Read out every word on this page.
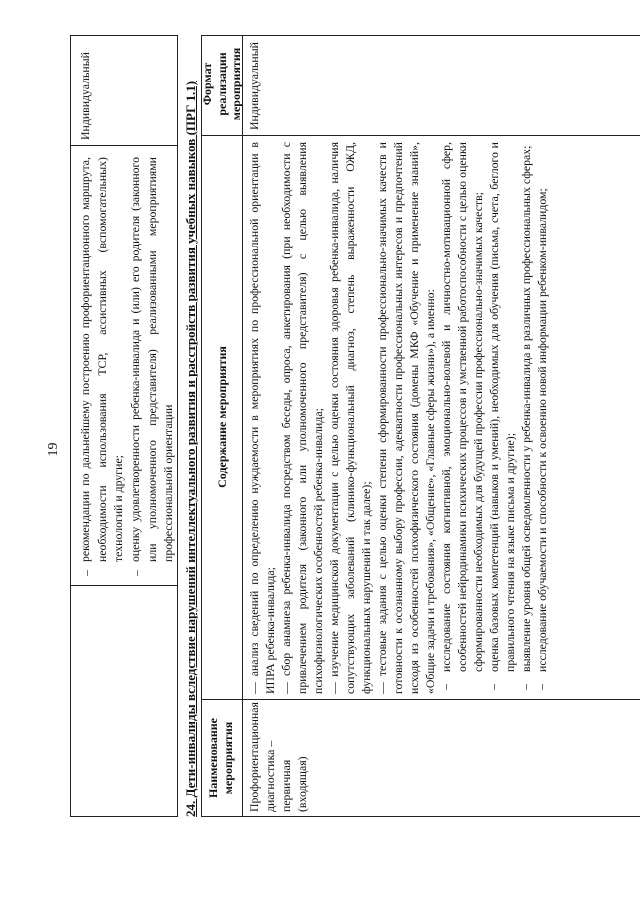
19
–
рекомендации по дальнейшему построению профориентационного маршрута, необходимости использования ТСР, ассистивных (вспомогательных) технологий и другие;
–
оценку удовлетворенности ребенка-инвалида и (или) его родителя (законного или уполномоченного представителя) реализованными мероприятиями профессиональной ориентации
Индивидуальный	24. Дети-инвалиды вследствие нарушений интеллектуального развития и расстройств развития учебных навыков (ПРГ 1.1) Наименование мероприятия
Содержание мероприятия
Формат реализации мероприятия
Профориентационная диагностика – первичная (входящая)
— анализ сведений по определению нуждаемости в мероприятиях по профессиональной ориентации в ИПРА ребенка-инвалида; — сбор анамнеза ребенка-инвалида посредством беседы, опроса, анкетирования (при необходимости с привлечением родителя (законного или уполномоченного представителя) с целью выявления психофизиологических особенностей ребенка-инвалида; — изучение медицинской документации с целью оценки состояния здоровья ребенка-инвалида, наличия сопутствующих заболеваний (клинико-функциональный диагноз, степень выраженности ОЖД, функциональных нарушений и так далее); — тестовые задания с целью оценки степени сформированности профессионально-значимых качеств и готовности к осознанному выбору профессии, адекватности профессиональных интересов и предпочтений исходя из особенностей психофизического состояния (домены МКФ «Обучение и применение знаний», «Общие задачи и требования», «Общение», «Главные сферы жизни»), а именно: –
исследование состояния когнитивной, эмоционально-волевой и личностно-мотивационной сфер, особенностей нейродинамики психических процессов и умственной работоспособности с целью оценки сформированности необходимых для будущей профессии профессионально-значимых качеств;
–
оценка базовых компетенций (навыков и умений), необходимых для обучения (письма, счета, беглого и правильного чтения на языке письма и другие);
–
выявление уровня общей осведомленности у ребенка-инвалида в различных профессиональных сферах;
–
исследование обучаемости и способности к освоению новой информации ребенком-инвалидом;
Индивидуальный
